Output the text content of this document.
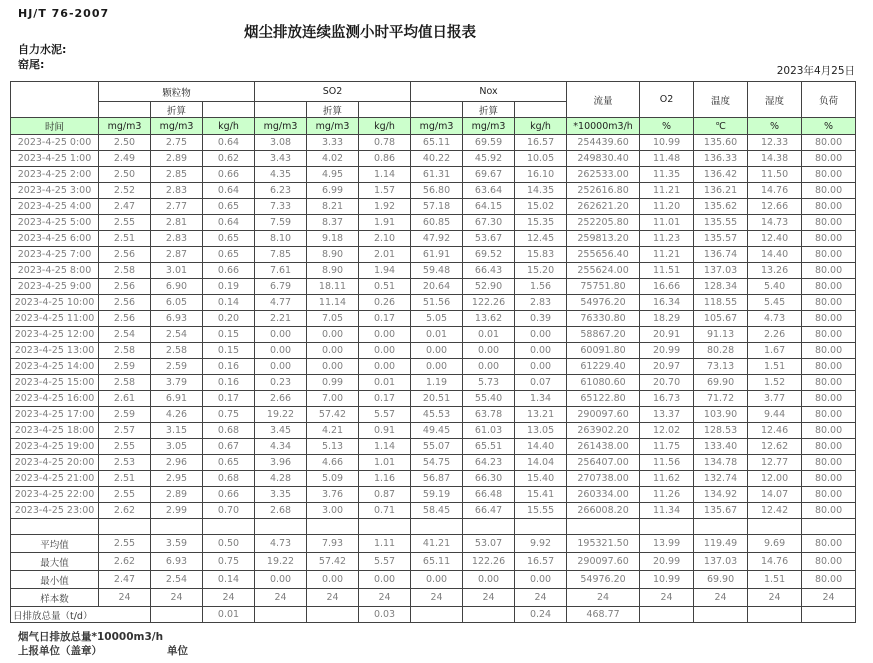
HJ/T 76-2007
烟尘排放连续监测小时平均值日报表
自力水泥:
窑尾:	2023年4月25日
	颗粒物			SO2			Nox			流量	O2	温度	湿度	负荷
		折算			折算			折算						
时间	mg/m3	mg/m3	kg/h	mg/m3	mg/m3	kg/h	mg/m3	mg/m3	kg/h	*10000m3/h	%	℃	%	%
2023-4-25 0:00	2.50	2.75	0.64	3.08	3.33	0.78	65.11	69.59	16.57	254439.60	10.99	135.60	12.33	80.00
2023-4-25 1:00	2.49	2.89	0.62	3.43	4.02	0.86	40.22	45.92	10.05	249830.40	11.48	136.33	14.38	80.00
2023-4-25 2:00	2.50	2.85	0.66	4.35	4.95	1.14	61.31	69.67	16.10	262533.00	11.35	136.42	11.50	80.00
2023-4-25 3:00	2.52	2.83	0.64	6.23	6.99	1.57	56.80	63.64	14.35	252616.80	11.21	136.21	14.76	80.00
2023-4-25 4:00	2.47	2.77	0.65	7.33	8.21	1.92	57.18	64.15	15.02	262621.20	11.20	135.62	12.66	80.00
2023-4-25 5:00	2.55	2.81	0.64	7.59	8.37	1.91	60.85	67.30	15.35	252205.80	11.01	135.55	14.73	80.00
2023-4-25 6:00	2.51	2.83	0.65	8.10	9.18	2.10	47.92	53.67	12.45	259813.20	11.23	135.57	12.40	80.00
2023-4-25 7:00	2.56	2.87	0.65	7.85	8.90	2.01	61.91	69.52	15.83	255656.40	11.21	136.74	14.40	80.00
2023-4-25 8:00	2.58	3.01	0.66	7.61	8.90	1.94	59.48	66.43	15.20	255624.00	11.51	137.03	13.26	80.00
2023-4-25 9:00	2.56	6.90	0.19	6.79	18.11	0.51	20.64	52.90	1.56	75751.80	16.66	128.34	5.40	80.00
2023-4-25 10:00	2.56	6.05	0.14	4.77	11.14	0.26	51.56	122.26	2.83	54976.20	16.34	118.55	5.45	80.00
2023-4-25 11:00	2.56	6.93	0.20	2.21	7.05	0.17	5.05	13.62	0.39	76330.80	18.29	105.67	4.73	80.00
2023-4-25 12:00	2.54	2.54	0.15	0.00	0.00	0.00	0.01	0.01	0.00	58867.20	20.91	91.13	2.26	80.00
2023-4-25 13:00	2.58	2.58	0.15	0.00	0.00	0.00	0.00	0.00	0.00	60091.80	20.99	80.28	1.67	80.00
2023-4-25 14:00	2.59	2.59	0.16	0.00	0.00	0.00	0.00	0.00	0.00	61229.40	20.97	73.13	1.51	80.00
2023-4-25 15:00	2.58	3.79	0.16	0.23	0.99	0.01	1.19	5.73	0.07	61080.60	20.70	69.90	1.52	80.00
2023-4-25 16:00	2.61	6.91	0.17	2.66	7.00	0.17	20.51	55.40	1.34	65122.80	16.73	71.72	3.77	80.00
2023-4-25 17:00	2.59	4.26	0.75	19.22	57.42	5.57	45.53	63.78	13.21	290097.60	13.37	103.90	9.44	80.00
2023-4-25 18:00	2.57	3.15	0.68	3.45	4.21	0.91	49.45	61.03	13.05	263902.20	12.02	128.53	12.46	80.00
2023-4-25 19:00	2.55	3.05	0.67	4.34	5.13	1.14	55.07	65.51	14.40	261438.00	11.75	133.40	12.62	80.00
2023-4-25 20:00	2.53	2.96	0.65	3.96	4.66	1.01	54.75	64.23	14.04	256407.00	11.56	134.78	12.77	80.00
2023-4-25 21:00	2.51	2.95	0.68	4.28	5.09	1.16	56.87	66.30	15.40	270738.00	11.62	132.74	12.00	80.00
2023-4-25 22:00	2.55	2.89	0.66	3.35	3.76	0.87	59.19	66.48	15.41	260334.00	11.26	134.92	14.07	80.00
2023-4-25 23:00	2.62	2.99	0.70	2.68	3.00	0.71	58.45	66.47	15.55	266008.20	11.34	135.67	12.42	80.00

平均值	2.55	3.59	0.50	4.73	7.93	1.11	41.21	53.07	9.92	195321.50	13.99	119.49	9.69	80.00
最大值	2.62	6.93	0.75	19.22	57.42	5.57	65.11	122.26	16.57	290097.60	20.99	137.03	14.76	80.00
最小值	2.47	2.54	0.14	0.00	0.00	0.00	0.00	0.00	0.00	54976.20	10.99	69.90	1.51	80.00
样本数	24	24	24	24	24	24	24	24	24	24	24	24	24	24
日排放总量（t/d）			0.01			0.03			0.24	468.77				
烟气日排放总量*10000m3/h
上报单位（盖章）	单位
